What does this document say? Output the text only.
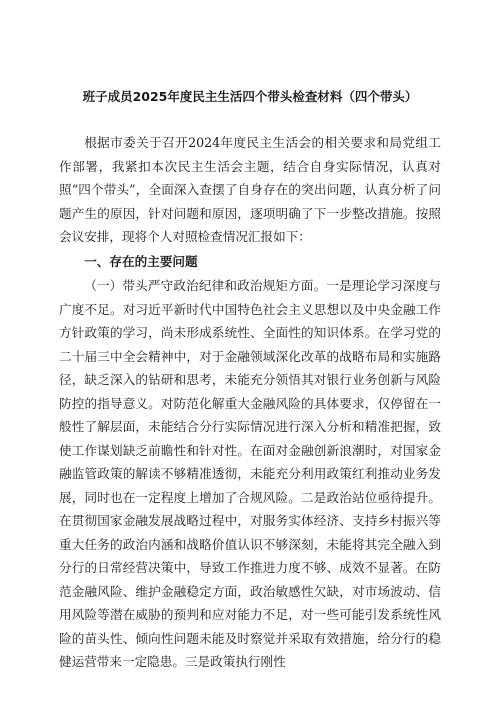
班子成员2025年度民主生活四个带头检查材料（四个带头）

根据市委关于召开2024年度民主生活会的相关要求和局党组工作部署，我紧扣本次民主生活会主题，结合自身实际情况，认真对照“四个带头”，全面深入查摆了自身存在的突出问题，认真分析了问题产生的原因，针对问题和原因，逐项明确了下一步整改措施。按照会议安排，现将个人对照检查情况汇报如下：

一、存在的主要问题

（一）带头严守政治纪律和政治规矩方面。一是理论学习深度与广度不足。对习近平新时代中国特色社会主义思想以及中央金融工作方针政策的学习，尚未形成系统性、全面性的知识体系。在学习党的二十届三中全会精神中，对于金融领域深化改革的战略布局和实施路径，缺乏深入的钻研和思考，未能充分领悟其对银行业务创新与风险防控的指导意义。对防范化解重大金融风险的具体要求，仅停留在一般性了解层面，未能结合分行实际情况进行深入分析和精准把握，致使工作谋划缺乏前瞻性和针对性。在面对金融创新浪潮时，对国家金融监管政策的解读不够精准透彻，未能充分利用政策红利推动业务发展，同时也在一定程度上增加了合规风险。二是政治站位亟待提升。在贯彻国家金融发展战略过程中，对服务实体经济、支持乡村振兴等重大任务的政治内涵和战略价值认识不够深刻，未能将其完全融入到分行的日常经营决策中，导致工作推进力度不够、成效不显著。在防范金融风险、维护金融稳定方面，政治敏感性欠缺，对市场波动、信用风险等潜在威胁的预判和应对能力不足，对一些可能引发系统性风险的苗头性、倾向性问题未能及时察觉并采取有效措施，给分行的稳健运营带来一定隐患。三是政策执行刚性
